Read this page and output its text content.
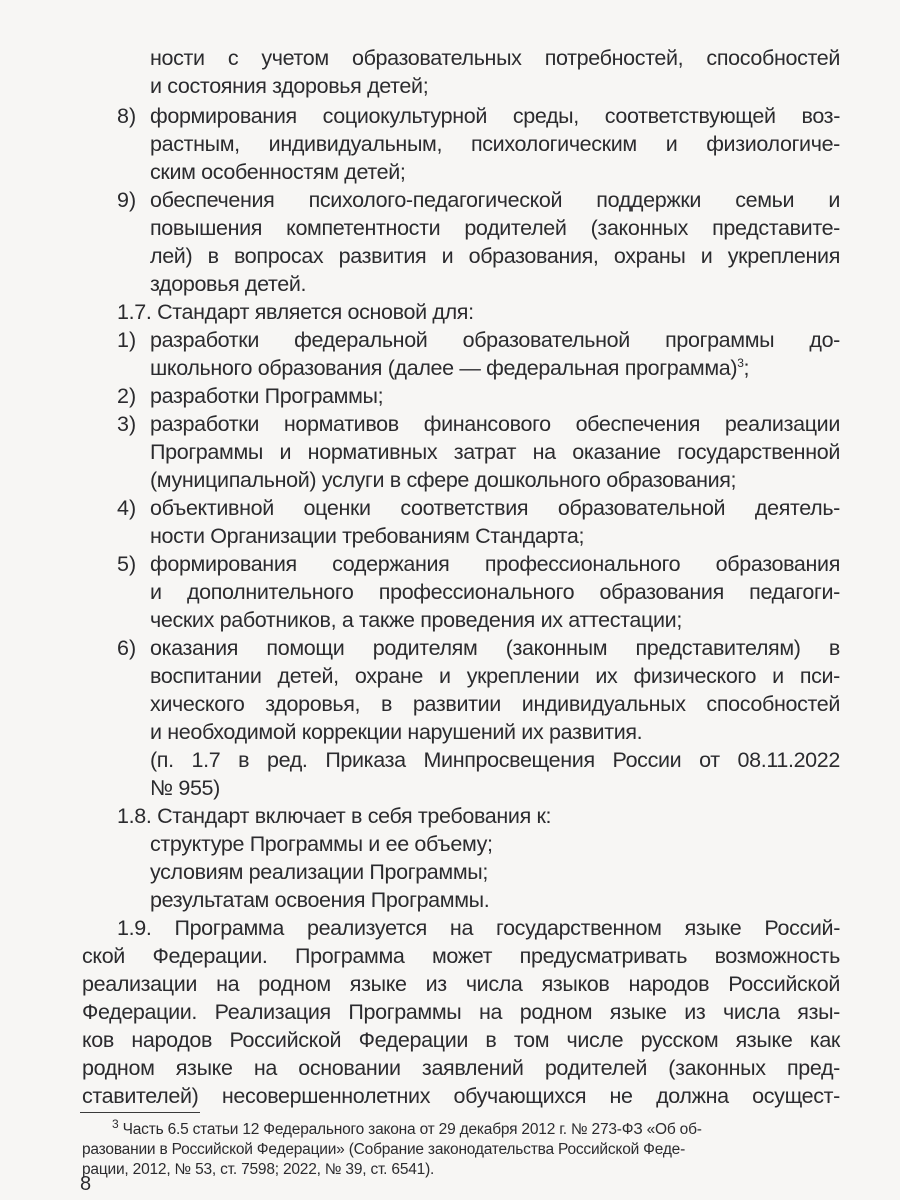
ности с учетом образовательных потребностей, способностей
и состояния здоровья детей;
8) формирования социокультурной среды, соответствующей воз-
растным, индивидуальным, психологическим и физиологиче-
ским особенностям детей;
9) обеспечения психолого-педагогической поддержки семьи и
повышения компетентности родителей (законных представите-
лей) в вопросах развития и образования, охраны и укрепления
здоровья детей.
1.7. Стандарт является основой для:
1) разработки федеральной образовательной программы до-
школьного образования (далее — федеральная программа)$^3$;
2) разработки Программы;
3) разработки нормативов финансового обеспечения реализации
Программы и нормативных затрат на оказание государственной
(муниципальной) услуги в сфере дошкольного образования;
4) объективной оценки соответствия образовательной деятель-
ности Организации требованиям Стандарта;
5) формирования содержания профессионального образования
и дополнительного профессионального образования педагоги-
ческих работников, а также проведения их аттестации;
6) оказания помощи родителям (законным представителям) в
воспитании детей, охране и укреплении их физического и пси-
хического здоровья, в развитии индивидуальных способностей
и необходимой коррекции нарушений их развития.
(п. 1.7 в ред. Приказа Минпросвещения России от 08.11.2022
№ 955)
1.8. Стандарт включает в себя требования к:
структуре Программы и ее объему;
условиям реализации Программы;
результатам освоения Программы.
1.9. Программа реализуется на государственном языке Россий-
ской Федерации. Программа может предусматривать возможность
реализации на родном языке из числа языков народов Российской
Федерации. Реализация Программы на родном языке из числа язы-
ков народов Российской Федерации в том числе русском языке как
родном языке на основании заявлений родителей (законных пред-
ставителей) несовершеннолетних обучающихся не должна осущест-
$^3$ Часть 6.5 статьи 12 Федерального закона от 29 декабря 2012 г. № 273-ФЗ «Об об-
разовании в Российской Федерации» (Собрание законодательства Российской Феде-
рации, 2012, № 53, ст. 7598; 2022, № 39, ст. 6541).
8
